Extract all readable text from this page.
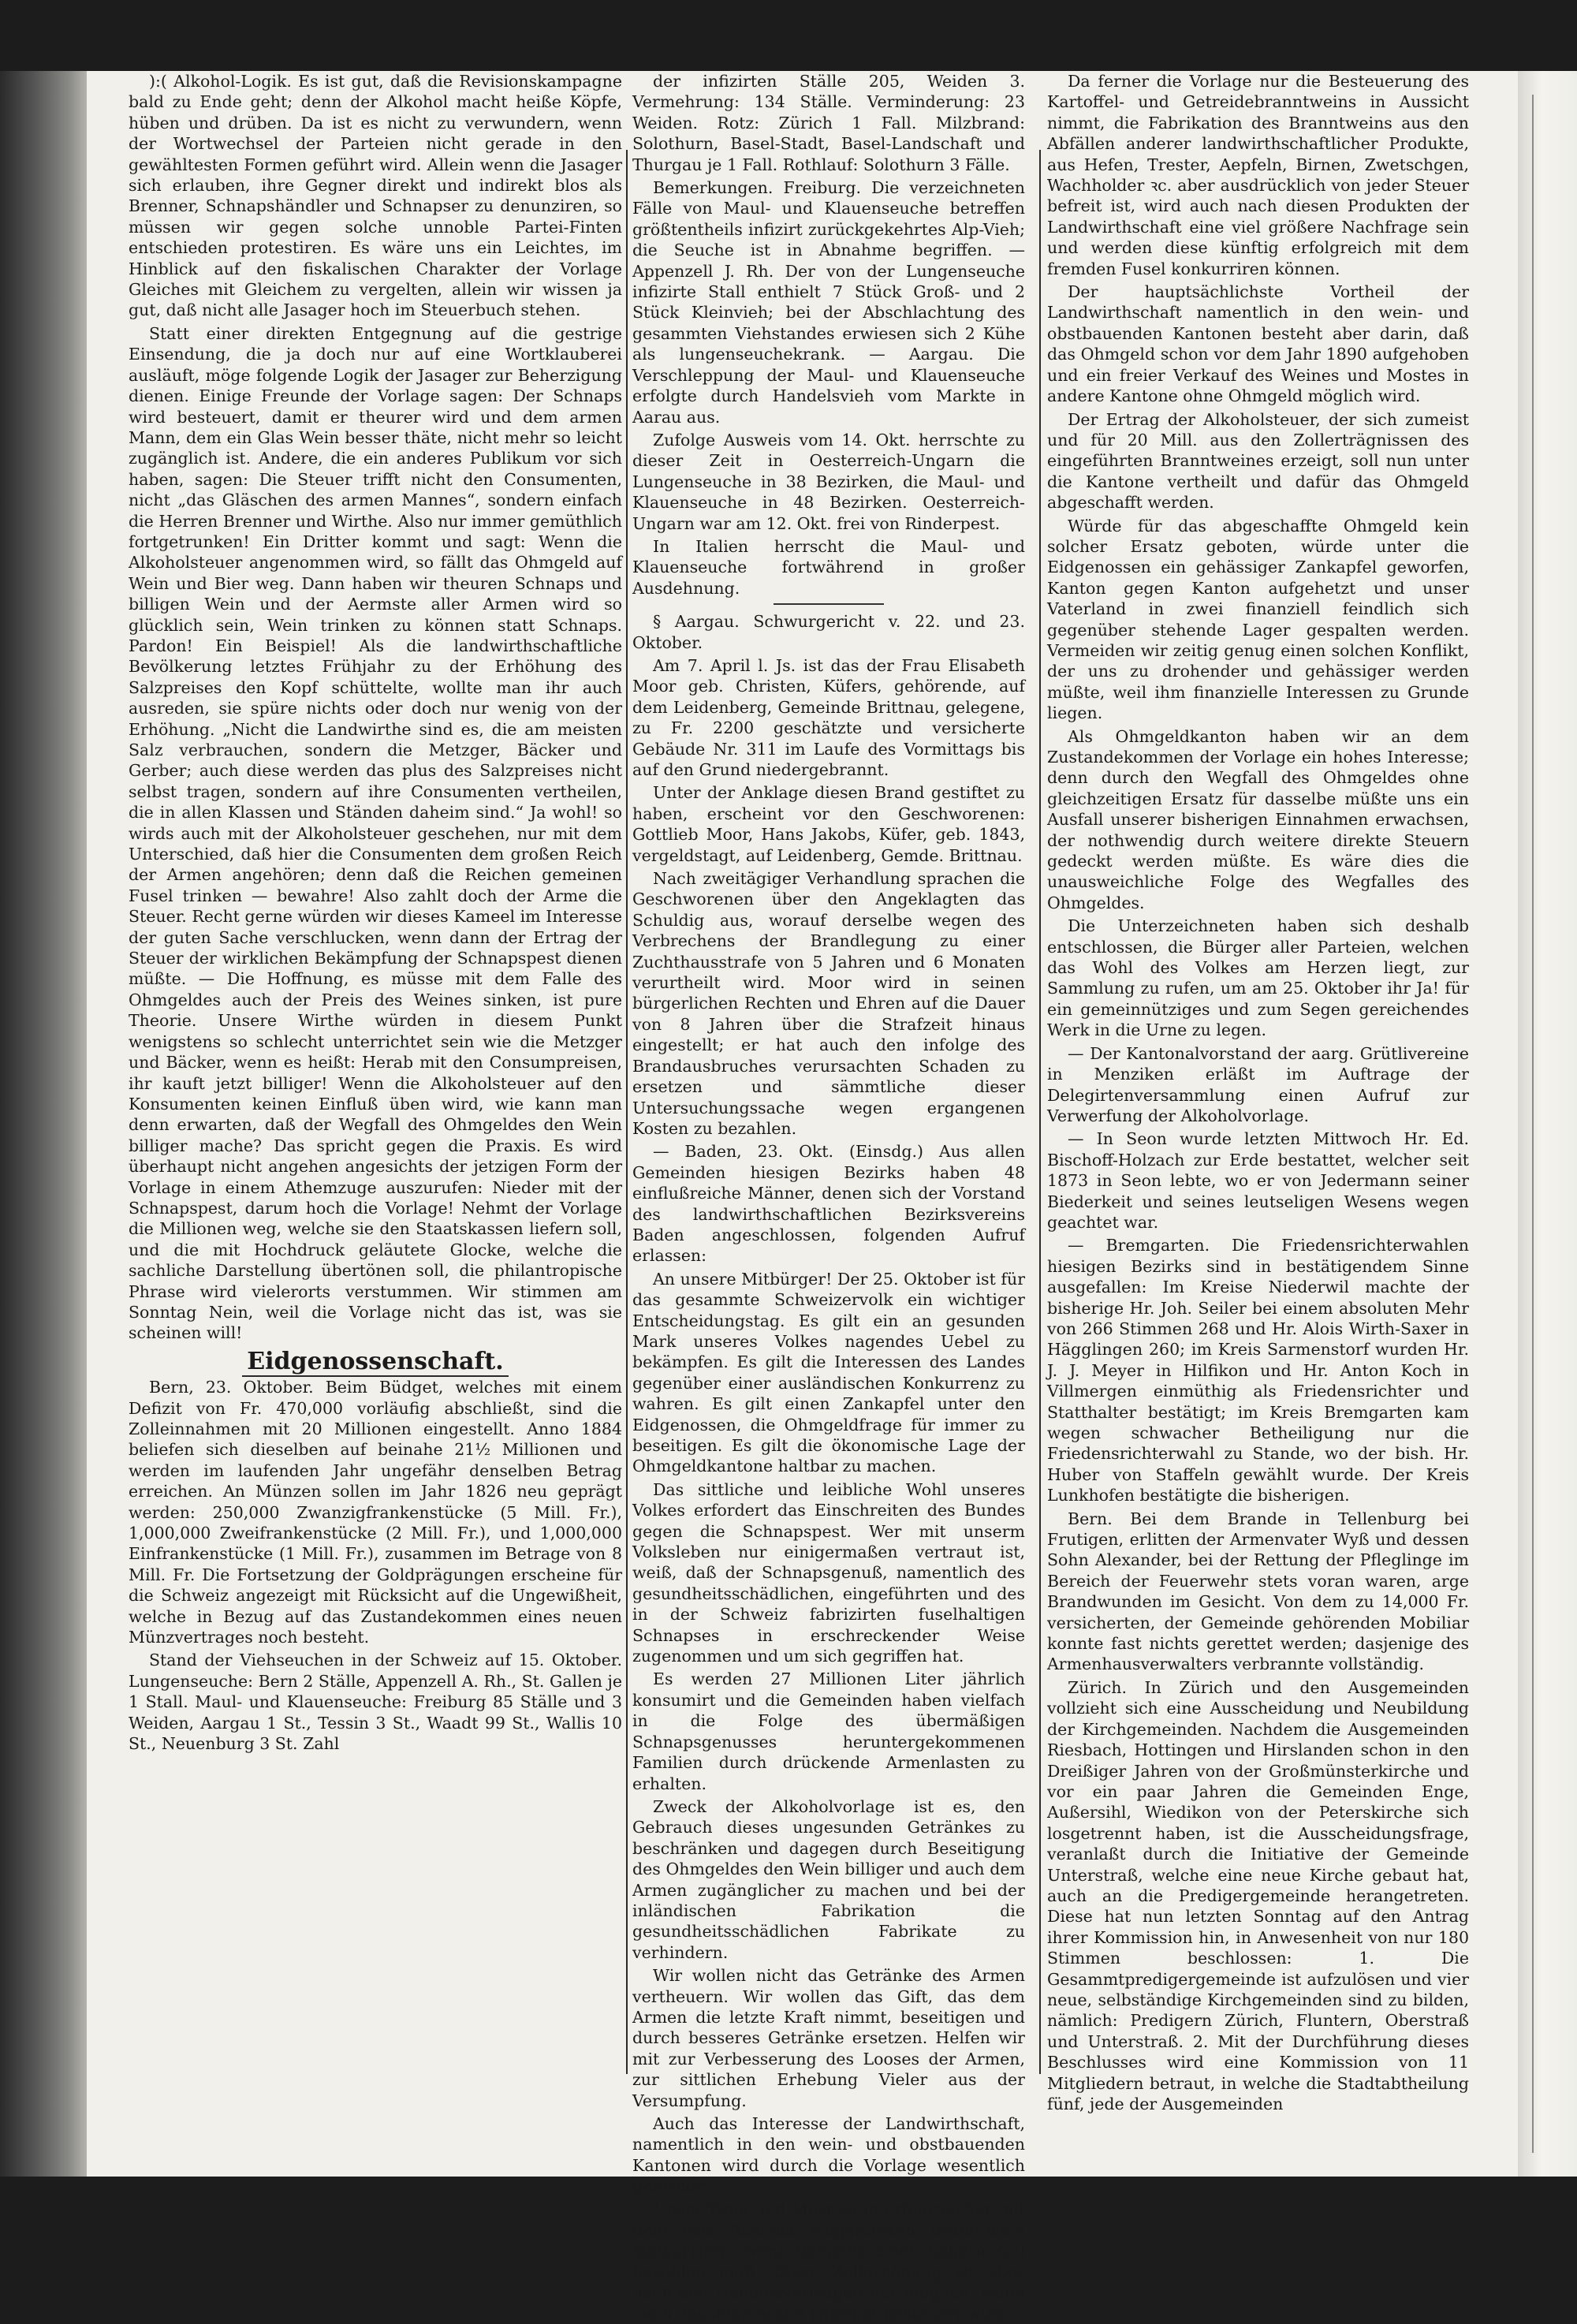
):( Alkohol-Logik. Es ist gut, daß die Revisionskampagne bald zu Ende geht; denn der Alkohol macht heiße Köpfe, hüben und drüben. Da ist es nicht zu verwundern, wenn der Wortwechsel der Parteien nicht gerade in den gewähltesten Formen geführt wird. Allein wenn die Jasager sich erlauben, ihre Gegner direkt und indirekt blos als Brenner, Schnapshändler und Schnapser zu denunziren, so müssen wir gegen solche unnoble Partei-Finten entschieden protestiren. Es wäre uns ein Leichtes, im Hinblick auf den fiskalischen Charakter der Vorlage Gleiches mit Gleichem zu vergelten, allein wir wissen ja gut, daß nicht alle Jasager hoch im Steuerbuch stehen.

Statt einer direkten Entgegnung auf die gestrige Einsendung, die ja doch nur auf eine Wortklauberei ausläuft, möge folgende Logik der Jasager zur Beherzigung dienen. Einige Freunde der Vorlage sagen: Der Schnaps wird besteuert, damit er theurer wird und dem armen Mann, dem ein Glas Wein besser thäte, nicht mehr so leicht zugänglich ist. Andere, die ein anderes Publikum vor sich haben, sagen: Die Steuer trifft nicht den Consumenten, nicht „das Gläschen des armen Mannes“, sondern einfach die Herren Brenner und Wirthe. Also nur immer gemüthlich fortgetrunken! Ein Dritter kommt und sagt: Wenn die Alkoholsteuer angenommen wird, so fällt das Ohmgeld auf Wein und Bier weg. Dann haben wir theuren Schnaps und billigen Wein und der Aermste aller Armen wird so glücklich sein, Wein trinken zu können statt Schnaps. Pardon! Ein Beispiel! Als die landwirthschaftliche Bevölkerung letztes Frühjahr zu der Erhöhung des Salzpreises den Kopf schüttelte, wollte man ihr auch ausreden, sie spüre nichts oder doch nur wenig von der Erhöhung. „Nicht die Landwirthe sind es, die am meisten Salz verbrauchen, sondern die Metzger, Bäcker und Gerber; auch diese werden das plus des Salzpreises nicht selbst tragen, sondern auf ihre Consumenten vertheilen, die in allen Klassen und Ständen daheim sind.“ Ja wohl! so wirds auch mit der Alkoholsteuer geschehen, nur mit dem Unterschied, daß hier die Consumenten dem großen Reich der Armen angehören; denn daß die Reichen gemeinen Fusel trinken — bewahre! Also zahlt doch der Arme die Steuer. Recht gerne würden wir dieses Kameel im Interesse der guten Sache verschlucken, wenn dann der Ertrag der Steuer der wirklichen Bekämpfung der Schnapspest dienen müßte. — Die Hoffnung, es müsse mit dem Falle des Ohmgeldes auch der Preis des Weines sinken, ist pure Theorie. Unsere Wirthe würden in diesem Punkt wenigstens so schlecht unterrichtet sein wie die Metzger und Bäcker, wenn es heißt: Herab mit den Consumpreisen, ihr kauft jetzt billiger! Wenn die Alkoholsteuer auf den Konsumenten keinen Einfluß üben wird, wie kann man denn erwarten, daß der Wegfall des Ohmgeldes den Wein billiger mache? Das spricht gegen die Praxis. Es wird überhaupt nicht angehen angesichts der jetzigen Form der Vorlage in einem Athemzuge auszurufen: Nieder mit der Schnapspest, darum hoch die Vorlage! Nehmt der Vorlage die Millionen weg, welche sie den Staatskassen liefern soll, und die mit Hochdruck geläutete Glocke, welche die sachliche Darstellung übertönen soll, die philantropische Phrase wird vielerorts verstummen. Wir stimmen am Sonntag Nein, weil die Vorlage nicht das ist, was sie scheinen will!

Eidgenossenschaft.

Bern, 23. Oktober. Beim Büdget, welches mit einem Defizit von Fr. 470,000 vorläufig abschließt, sind die Zolleinnahmen mit 20 Millionen eingestellt. Anno 1884 beliefen sich dieselben auf beinahe 21½ Millionen und werden im laufenden Jahr ungefähr denselben Betrag erreichen. An Münzen sollen im Jahr 1826 neu geprägt werden: 250,000 Zwanzigfrankenstücke (5 Mill. Fr.), 1,000,000 Zweifrankenstücke (2 Mill. Fr.), und 1,000,000 Einfrankenstücke (1 Mill. Fr.), zusammen im Betrage von 8 Mill. Fr. Die Fortsetzung der Goldprägungen erscheine für die Schweiz angezeigt mit Rücksicht auf die Ungewißheit, welche in Bezug auf das Zustandekommen eines neuen Münzvertrages noch besteht.

Stand der Viehseuchen in der Schweiz auf 15. Oktober. Lungenseuche: Bern 2 Ställe, Appenzell A. Rh., St. Gallen je 1 Stall. Maul- und Klauenseuche: Freiburg 85 Ställe und 3 Weiden, Aargau 1 St., Tessin 3 St., Waadt 99 St., Wallis 10 St., Neuenburg 3 St. Zahl

der infizirten Ställe 205, Weiden 3. Vermehrung: 134 Ställe. Verminderung: 23 Weiden. Rotz: Zürich 1 Fall. Milzbrand: Solothurn, Basel-Stadt, Basel-Landschaft und Thurgau je 1 Fall. Rothlauf: Solothurn 3 Fälle.

Bemerkungen. Freiburg. Die verzeichneten Fälle von Maul- und Klauenseuche betreffen größtentheils infizirt zurückgekehrtes Alp-Vieh; die Seuche ist in Abnahme begriffen. — Appenzell J. Rh. Der von der Lungenseuche infizirte Stall enthielt 7 Stück Groß- und 2 Stück Kleinvieh; bei der Abschlachtung des gesammten Viehstandes erwiesen sich 2 Kühe als lungenseuchekrank. — Aargau. Die Verschleppung der Maul- und Klauenseuche erfolgte durch Handelsvieh vom Markte in Aarau aus.

Zufolge Ausweis vom 14. Okt. herrschte zu dieser Zeit in Oesterreich-Ungarn die Lungenseuche in 38 Bezirken, die Maul- und Klauenseuche in 48 Bezirken. Oesterreich-Ungarn war am 12. Okt. frei von Rinderpest.

In Italien herrscht die Maul- und Klauenseuche fortwährend in großer Ausdehnung.

§ Aargau. Schwurgericht v. 22. und 23. Oktober.

Am 7. April l. Js. ist das der Frau Elisabeth Moor geb. Christen, Küfers, gehörende, auf dem Leidenberg, Gemeinde Brittnau, gelegene, zu Fr. 2200 geschätzte und versicherte Gebäude Nr. 311 im Laufe des Vormittags bis auf den Grund niedergebrannt.

Unter der Anklage diesen Brand gestiftet zu haben, erscheint vor den Geschworenen: Gottlieb Moor, Hans Jakobs, Küfer, geb. 1843, vergeldstagt, auf Leidenberg, Gemde. Brittnau.

Nach zweitägiger Verhandlung sprachen die Geschworenen über den Angeklagten das Schuldig aus, worauf derselbe wegen des Verbrechens der Brandlegung zu einer Zuchthausstrafe von 5 Jahren und 6 Monaten verurtheilt wird. Moor wird in seinen bürgerlichen Rechten und Ehren auf die Dauer von 8 Jahren über die Strafzeit hinaus eingestellt; er hat auch den infolge des Brandausbruches verursachten Schaden zu ersetzen und sämmtliche dieser Untersuchungssache wegen ergangenen Kosten zu bezahlen.

— Baden, 23. Okt. (Einsdg.) Aus allen Gemeinden hiesigen Bezirks haben 48 einflußreiche Männer, denen sich der Vorstand des landwirthschaftlichen Bezirksvereins Baden angeschlossen, folgenden Aufruf erlassen:

An unsere Mitbürger! Der 25. Oktober ist für das gesammte Schweizervolk ein wichtiger Entscheidungstag. Es gilt ein an gesunden Mark unseres Volkes nagendes Uebel zu bekämpfen. Es gilt die Interessen des Landes gegenüber einer ausländischen Konkurrenz zu wahren. Es gilt einen Zankapfel unter den Eidgenossen, die Ohmgeldfrage für immer zu beseitigen. Es gilt die ökonomische Lage der Ohmgeldkantone haltbar zu machen.

Das sittliche und leibliche Wohl unseres Volkes erfordert das Einschreiten des Bundes gegen die Schnapspest. Wer mit unserm Volksleben nur einigermaßen vertraut ist, weiß, daß der Schnapsgenuß, namentlich des gesundheitsschädlichen, eingeführten und des in der Schweiz fabrizirten fuselhaltigen Schnapses in erschreckender Weise zugenommen und um sich gegriffen hat.

Es werden 27 Millionen Liter jährlich konsumirt und die Gemeinden haben vielfach in die Folge des übermäßigen Schnapsgenusses heruntergekommenen Familien durch drückende Armenlasten zu erhalten.

Zweck der Alkoholvorlage ist es, den Gebrauch dieses ungesunden Getränkes zu beschränken und dagegen durch Beseitigung des Ohmgeldes den Wein billiger und auch dem Armen zugänglicher zu machen und bei der inländischen Fabrikation die gesundheitsschädlichen Fabrikate zu verhindern.

Wir wollen nicht das Getränke des Armen vertheuern. Wir wollen das Gift, das dem Armen die letzte Kraft nimmt, beseitigen und durch besseres Getränke ersetzen. Helfen wir mit zur Verbesserung des Looses der Armen, zur sittlichen Erhebung Vieler aus der Versumpfung.

Auch das Interesse der Landwirthschaft, namentlich in den wein- und obstbauenden Kantonen wird durch die Vorlage wesentlich gefördert.

Unser Wein und Most kann erfolgreicher mit dem vom Ausland eingeführten Branntwein konkurriren, wenn derselbe einen höhern Zoll bezahlen muß. Diese Zollerhöhung ist aber nach den Handelsverträgen nur möglich, wenn auch das inländische Fabrikat besteuert wird.

Da ferner die Vorlage nur die Besteuerung des Kartoffel- und Getreidebranntweins in Aussicht nimmt, die Fabrikation des Branntweins aus den Abfällen anderer landwirthschaftlicher Produkte, aus Hefen, Trester, Aepfeln, Birnen, Zwetschgen, Wachholder ꝛc. aber ausdrücklich von jeder Steuer befreit ist, wird auch nach diesen Produkten der Landwirthschaft eine viel größere Nachfrage sein und werden diese künftig erfolgreich mit dem fremden Fusel konkurriren können.

Der hauptsächlichste Vortheil der Landwirthschaft namentlich in den wein- und obstbauenden Kantonen besteht aber darin, daß das Ohmgeld schon vor dem Jahr 1890 aufgehoben und ein freier Verkauf des Weines und Mostes in andere Kantone ohne Ohmgeld möglich wird.

Der Ertrag der Alkoholsteuer, der sich zumeist und für 20 Mill. aus den Zollerträgnissen des eingeführten Branntweines erzeigt, soll nun unter die Kantone vertheilt und dafür das Ohmgeld abgeschafft werden.

Würde für das abgeschaffte Ohmgeld kein solcher Ersatz geboten, würde unter die Eidgenossen ein gehässiger Zankapfel geworfen, Kanton gegen Kanton aufgehetzt und unser Vaterland in zwei finanziell feindlich sich gegenüber stehende Lager gespalten werden. Vermeiden wir zeitig genug einen solchen Konflikt, der uns zu drohender und gehässiger werden müßte, weil ihm finanzielle Interessen zu Grunde liegen.

Als Ohmgeldkanton haben wir an dem Zustandekommen der Vorlage ein hohes Interesse; denn durch den Wegfall des Ohmgeldes ohne gleichzeitigen Ersatz für dasselbe müßte uns ein Ausfall unserer bisherigen Einnahmen erwachsen, der nothwendig durch weitere direkte Steuern gedeckt werden müßte. Es wäre dies die unausweichliche Folge des Wegfalles des Ohmgeldes.

Die Unterzeichneten haben sich deshalb entschlossen, die Bürger aller Parteien, welchen das Wohl des Volkes am Herzen liegt, zur Sammlung zu rufen, um am 25. Oktober ihr Ja! für ein gemeinnütziges und zum Segen gereichendes Werk in die Urne zu legen.

— Der Kantonalvorstand der aarg. Grütlivereine in Menziken erläßt im Auftrage der Delegirtenversammlung einen Aufruf zur Verwerfung der Alkoholvorlage.

— In Seon wurde letzten Mittwoch Hr. Ed. Bischoff-Holzach zur Erde bestattet, welcher seit 1873 in Seon lebte, wo er von Jedermann seiner Biederkeit und seines leutseligen Wesens wegen geachtet war.

— Bremgarten. Die Friedensrichterwahlen hiesigen Bezirks sind in bestätigendem Sinne ausgefallen: Im Kreise Niederwil machte der bisherige Hr. Joh. Seiler bei einem absoluten Mehr von 266 Stimmen 268 und Hr. Alois Wirth-Saxer in Hägglingen 260; im Kreis Sarmenstorf wurden Hr. J. J. Meyer in Hilfikon und Hr. Anton Koch in Villmergen einmüthig als Friedensrichter und Statthalter bestätigt; im Kreis Bremgarten kam wegen schwacher Betheiligung nur die Friedensrichterwahl zu Stande, wo der bish. Hr. Huber von Staffeln gewählt wurde. Der Kreis Lunkhofen bestätigte die bisherigen.

Bern. Bei dem Brande in Tellenburg bei Frutigen, erlitten der Armenvater Wyß und dessen Sohn Alexander, bei der Rettung der Pfleglinge im Bereich der Feuerwehr stets voran waren, arge Brandwunden im Gesicht. Von dem zu 14,000 Fr. versicherten, der Gemeinde gehörenden Mobiliar konnte fast nichts gerettet werden; dasjenige des Armenhausverwalters verbrannte vollständig.

Zürich. In Zürich und den Ausgemeinden vollzieht sich eine Ausscheidung und Neubildung der Kirchgemeinden. Nachdem die Ausgemeinden Riesbach, Hottingen und Hirslanden schon in den Dreißiger Jahren von der Großmünsterkirche und vor ein paar Jahren die Gemeinden Enge, Außersihl, Wiedikon von der Peterskirche sich losgetrennt haben, ist die Ausscheidungsfrage, veranlaßt durch die Initiative der Gemeinde Unterstraß, welche eine neue Kirche gebaut hat, auch an die Predigergemeinde herangetreten. Diese hat nun letzten Sonntag auf den Antrag ihrer Kommission hin, in Anwesenheit von nur 180 Stimmen beschlossen: 1. Die Gesammtpredigergemeinde ist aufzulösen und vier neue, selbständige Kirchgemeinden sind zu bilden, nämlich: Predigern Zürich, Fluntern, Oberstraß und Unterstraß. 2. Mit der Durchführung dieses Beschlusses wird eine Kommission von 11 Mitgliedern betraut, in welche die Stadtabtheilung fünf, jede der Ausgemeinden
